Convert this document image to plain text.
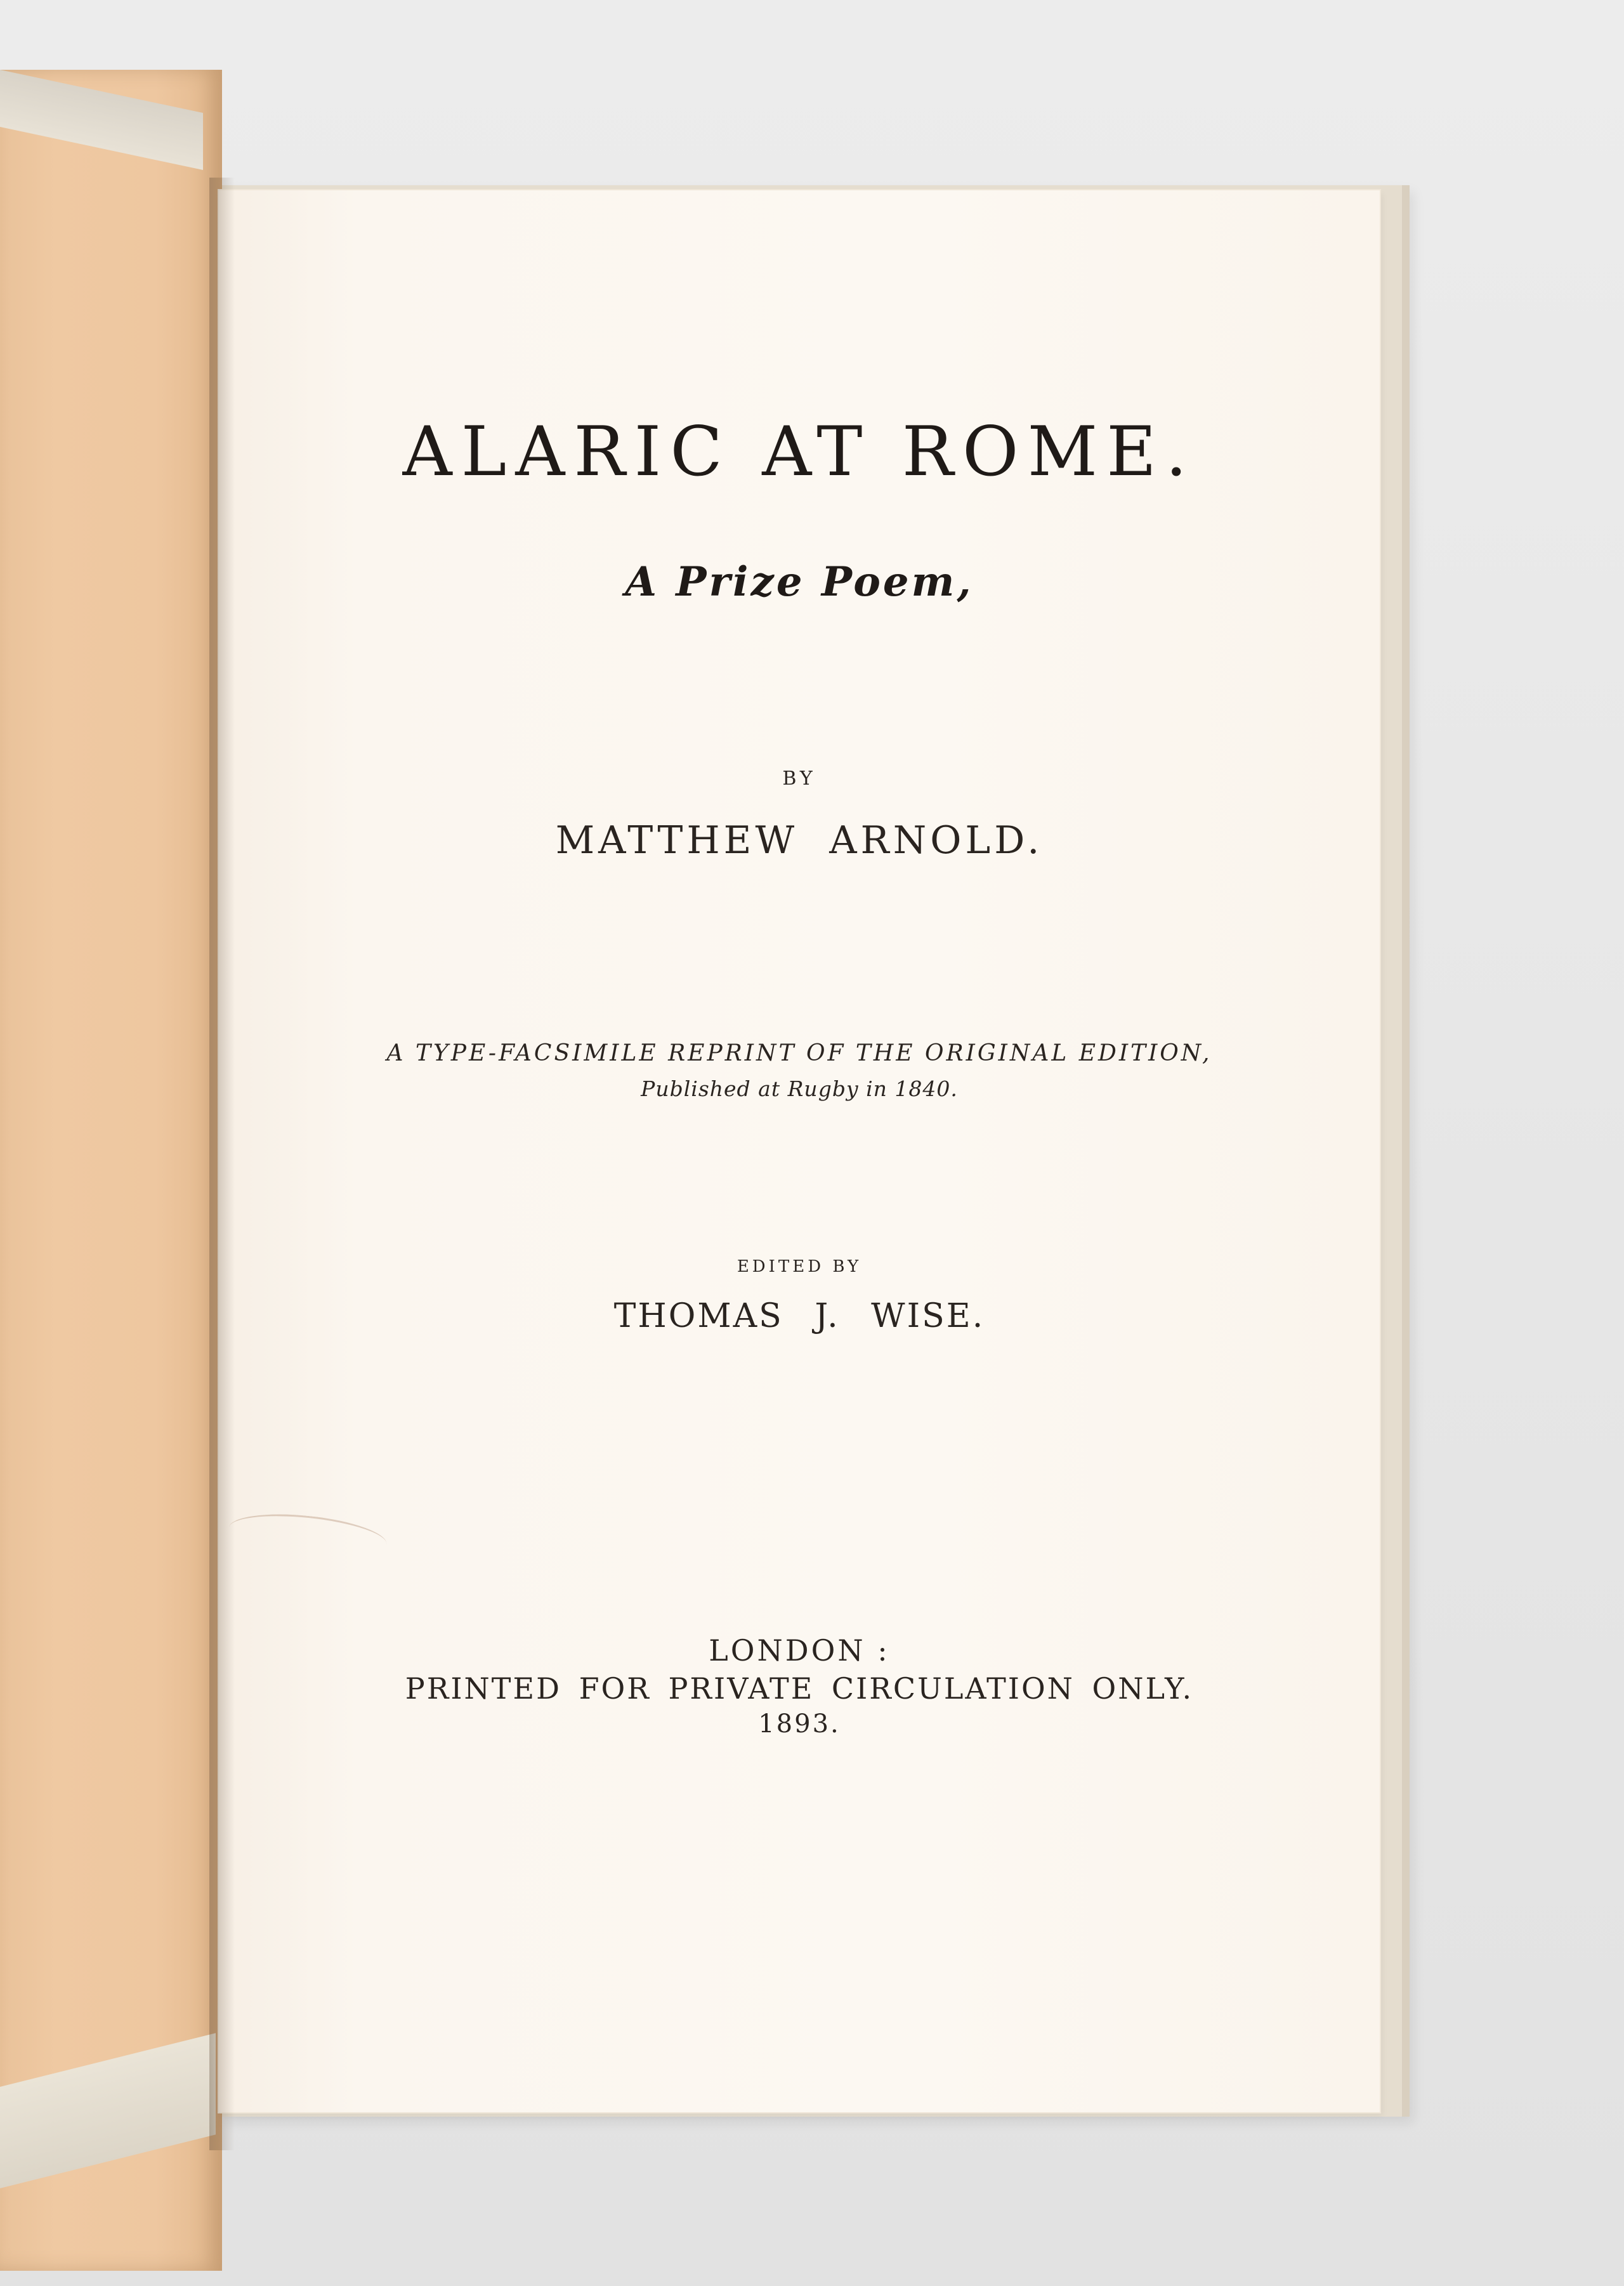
ALARIC AT ROME.
A Prize Poem,
BY
MATTHEW ARNOLD.
A TYPE-FACSIMILE REPRINT OF THE ORIGINAL EDITION,
Published at Rugby in 1840.
EDITED BY
THOMAS J. WISE.
LONDON :
PRINTED FOR PRIVATE CIRCULATION ONLY.
1893.
